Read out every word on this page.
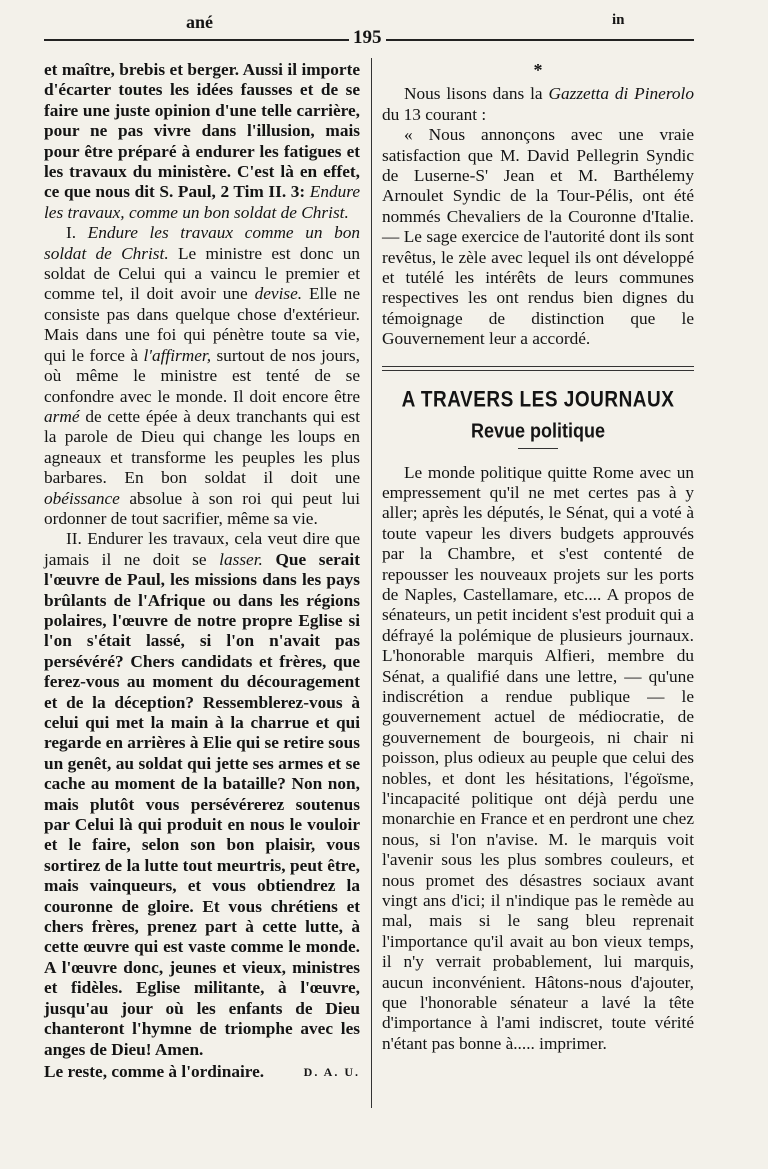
ané
195
in

et maître, brebis et berger. Aussi il importe d'écarter toutes les idées fausses et de se faire une juste opinion d'une telle carrière, pour ne pas vivre dans l'illusion, mais pour être préparé à endurer les fatigues et les travaux du ministère. C'est là en effet, ce que nous dit S. Paul, 2 Tim II. 3: Endure les travaux, comme un bon soldat de Christ.

I. Endure les travaux comme un bon soldat de Christ. Le ministre est donc un soldat de Celui qui a vaincu le premier et comme tel, il doit avoir une devise. Elle ne consiste pas dans quelque chose d'extérieur. Mais dans une foi qui pénètre toute sa vie, qui le force à l'affirmer, surtout de nos jours, où même le ministre est tenté de se confondre avec le monde. Il doit encore être armé de cette épée à deux tranchants qui est la parole de Dieu qui change les loups en agneaux et transforme les peuples les plus barbares. En bon soldat il doit une obéissance absolue à son roi qui peut lui ordonner de tout sacrifier, même sa vie.

II. Endurer les travaux, cela veut dire que jamais il ne doit se lasser. Que serait l'œuvre de Paul, les missions dans les pays brûlants de l'Afrique ou dans les régions polaires, l'œuvre de notre propre Eglise si l'on s'était lassé, si l'on n'avait pas persévéré? Chers candidats et frères, que ferez-vous au moment du découragement et de la déception? Ressemblerez-vous à celui qui met la main à la charrue et qui regarde en arrières à Elie qui se retire sous un genêt, au soldat qui jette ses armes et se cache au moment de la bataille? Non non, mais plutôt vous persévérerez soutenus par Celui là qui produit en nous le vouloir et le faire, selon son bon plaisir, vous sortirez de la lutte tout meurtris, peut être, mais vainqueurs, et vous obtiendrez la couronne de gloire. Et vous chrétiens et chers frères, prenez part à cette lutte, à cette œuvre qui est vaste comme le monde. A l'œuvre donc, jeunes et vieux, ministres et fidèles. Eglise militante, à l'œuvre, jusqu'au jour où les enfants de Dieu chanteront l'hymne de triomphe avec les anges de Dieu! Amen.

Le reste, comme à l'ordinaire.	D. A. U.
*

Nous lisons dans la Gazzetta di Pinerolo du 13 courant :

« Nous annonçons avec une vraie satisfaction que M. David Pellegrin Syndic de Luserne-S' Jean et M. Barthélemy Arnoulet Syndic de la Tour-Pélis, ont été nommés Chevaliers de la Couronne d'Italie. — Le sage exercice de l'autorité dont ils sont revêtus, le zèle avec lequel ils ont développé et tutélé les intérêts de leurs communes respectives les ont rendus bien dignes du témoignage de distinction que le Gouvernement leur a accordé.

A TRAVERS LES JOURNAUX
Revue politique

Le monde politique quitte Rome avec un empressement qu'il ne met certes pas à y aller; après les députés, le Sénat, qui a voté à toute vapeur les divers budgets approuvés par la Chambre, et s'est contenté de repousser les nouveaux projets sur les ports de Naples, Castellamare, etc.... A propos de sénateurs, un petit incident s'est produit qui a défrayé la polémique de plusieurs journaux. L'honorable marquis Alfieri, membre du Sénat, a qualifié dans une lettre, — qu'une indiscrétion a rendue publique — le gouvernement actuel de médiocratie, de gouvernement de bourgeois, ni chair ni poisson, plus odieux au peuple que celui des nobles, et dont les hésitations, l'égoïsme, l'incapacité politique ont déjà perdu une monarchie en France et en perdront une chez nous, si l'on n'avise. M. le marquis voit l'avenir sous les plus sombres couleurs, et nous promet des désastres sociaux avant vingt ans d'ici; il n'indique pas le remède au mal, mais si le sang bleu reprenait l'importance qu'il avait au bon vieux temps, il n'y verrait probablement, lui marquis, aucun inconvénient. Hâtons-nous d'ajouter, que l'honorable sénateur a lavé la tête d'importance à l'ami indiscret, toute vérité n'étant pas bonne à..... imprimer.
